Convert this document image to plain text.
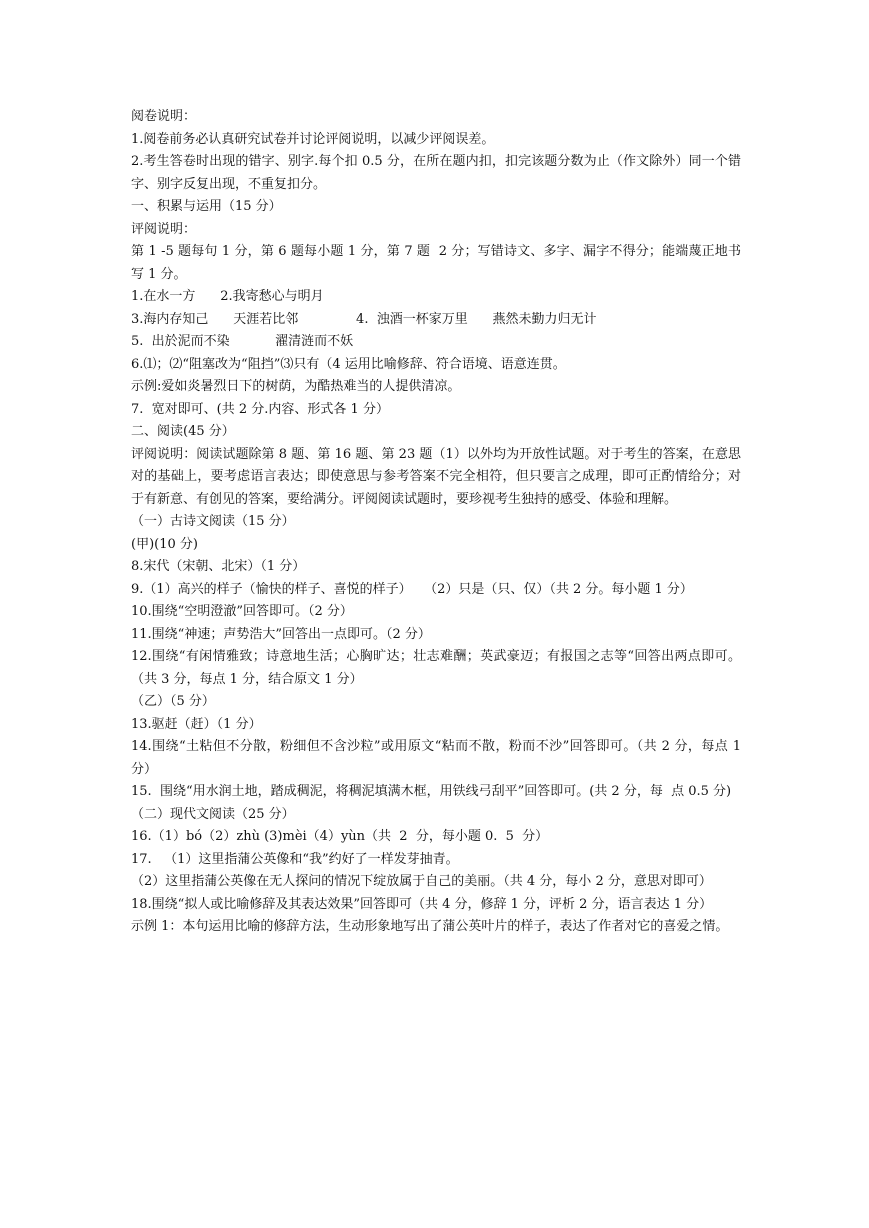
阅卷说明：

1.阅卷前务必认真研究试卷并讨论评阅说明，以减少评阅误差。

2.考生答卷时出现的错字、别字.每个扣 0.5 分，在所在题内扣，扣完该题分数为止（作文除外）同一个错字、别字反复出现，不重复扣分。

一、积累与运用（15 分）

评阅说明：

第 1 -5 题每句 1 分，第 6 题每小题 1 分，第 7 题  2 分；写错诗文、多字、漏字不得分；能端蔑正地书写 1 分。

1.在水一方      2.我寄愁心与明月

3.海内存知己      天涯若比邻              4.  浊酒一杯家万里      燕然未勤力归无计

5.  出於泥而不染           濯清涟而不妖

6.⑴；⑵“阻塞改为“阻挡”⑶只有（4 运用比喻修辞、符合语境、语意连贯。

示例:爱如炎暑烈日下的树荫，为酷热难当的人提供清凉。

7.  宽对即可、(共 2 分.内容、形式各 1 分）

二、阅读(45 分）

评阅说明：阅读试题除第 8 题、第 16 题、第 23 题（1）以外均为开放性试题。对于考生的答案，在意思对的基础上，要考虑语言表达；即使意思与参考答案不完全相符，但只要言之成理，即可正酌情给分；对于有新意、有创见的答案，要给满分。评阅阅读试题时，要珍视考生独持的感受、体验和理解。

（一）古诗文阅读（15 分）

(甲)(10 分)

8.宋代（宋朝、北宋）（1 分）

9.（1）高兴的样子（愉快的样子、喜悦的样子）   （2）只是（只、仅）（共 2 分。每小题 1 分）

10.围绕“空明澄澈”回答即可。（2 分）

11.围绕“神速；声势浩大”回答出一点即可。（2 分）

12.围绕“有闲情雅致；诗意地生活；心胸旷达；壮志难酬；英武豪迈；有报国之志等“回答出两点即可。（共 3 分，每点 1 分，结合原文 1 分）

（乙）（5 分）

13.驱赶（赶）（1 分）

14.围绕“土粘但不分散，粉细但不含沙粒”或用原文“粘而不散，粉而不沙”回答即可。（共 2 分，每点 1 分）

15.  围绕“用水润土地，踏成稠泥，将稠泥填满木框，用铁线弓刮平”回答即可。(共 2 分，每  点 0.5 分)

（二）现代文阅读（25 分）

16.（1）bó（2）zhù (3)mèi（4）yùn（共  2  分，每小题 0.  5  分）

17.   （1）这里指蒲公英像和“我”约好了一样发芽抽青。

（2）这里指蒲公英像在无人探问的情况下绽放属于自己的美丽。（共 4 分，每小 2 分，意思对即可）

18.围绕“拟人或比喻修辞及其表达效果”回答即可（共 4 分，修辞 1 分，评析 2 分，语言表达 1 分）

示例 1：本句运用比喻的修辞方法，生动形象地写出了蒲公英叶片的样子，表达了作者对它的喜爱之情。
